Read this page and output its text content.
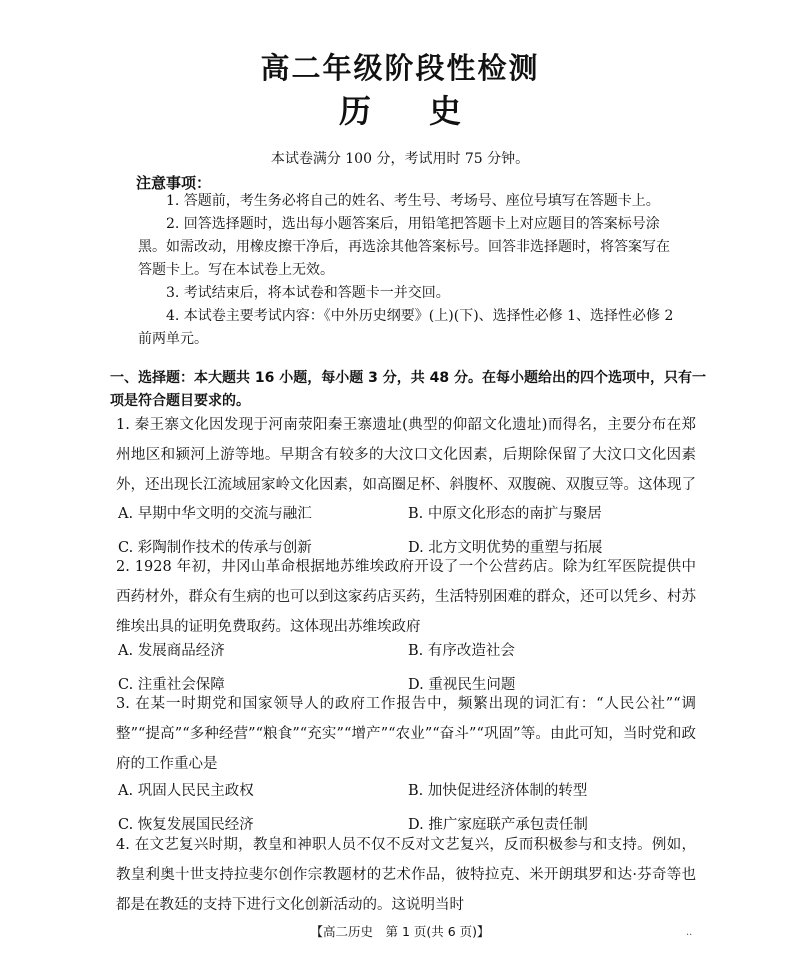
高二年级阶段性检测
历史
本试卷满分 100 分，考试用时 75 分钟。
注意事项：
1. 答题前，考生务必将自己的姓名、考生号、考场号、座位号填写在答题卡上。
2. 回答选择题时，选出每小题答案后，用铅笔把答题卡上对应题目的答案标号涂黑。如需改动，用橡皮擦干净后，再选涂其他答案标号。回答非选择题时，将答案写在答题卡上。写在本试卷上无效。
3. 考试结束后，将本试卷和答题卡一并交回。
4. 本试卷主要考试内容：《中外历史纲要》(上)(下)、选择性必修 1、选择性必修 2 前两单元。
一、选择题：本大题共 16 小题，每小题 3 分，共 48 分。在每小题给出的四个选项中，只有一项是符合题目要求的。
1. 秦王寨文化因发现于河南荥阳秦王寨遗址(典型的仰韶文化遗址)而得名，主要分布在郑州地区和颍河上游等地。早期含有较多的大汶口文化因素，后期除保留了大汶口文化因素外，还出现长江流域屈家岭文化因素，如高圈足杯、斜腹杯、双腹碗、双腹豆等。这体现了
A. 早期中华文明的交流与融汇	B. 中原文化形态的南扩与聚居
C. 彩陶制作技术的传承与创新	D. 北方文明优势的重塑与拓展
2. 1928 年初，井冈山革命根据地苏维埃政府开设了一个公营药店。除为红军医院提供中西药材外，群众有生病的也可以到这家药店买药，生活特别困难的群众，还可以凭乡、村苏维埃出具的证明免费取药。这体现出苏维埃政府
A. 发展商品经济	B. 有序改造社会
C. 注重社会保障	D. 重视民生问题
3. 在某一时期党和国家领导人的政府工作报告中，频繁出现的词汇有：“人民公社”“调整”“提高”“多种经营”“粮食”“充实”“增产”“农业”“奋斗”“巩固”等。由此可知，当时党和政府的工作重心是
A. 巩固人民民主政权	B. 加快促进经济体制的转型
C. 恢复发展国民经济	D. 推广家庭联产承包责任制
4. 在文艺复兴时期，教皇和神职人员不仅不反对文艺复兴，反而积极参与和支持。例如，教皇利奥十世支持拉斐尔创作宗教题材的艺术作品，彼特拉克、米开朗琪罗和达·芬奇等也都是在教廷的支持下进行文化创新活动的。这说明当时
【高二历史　第 1 页(共 6 页)】	··
